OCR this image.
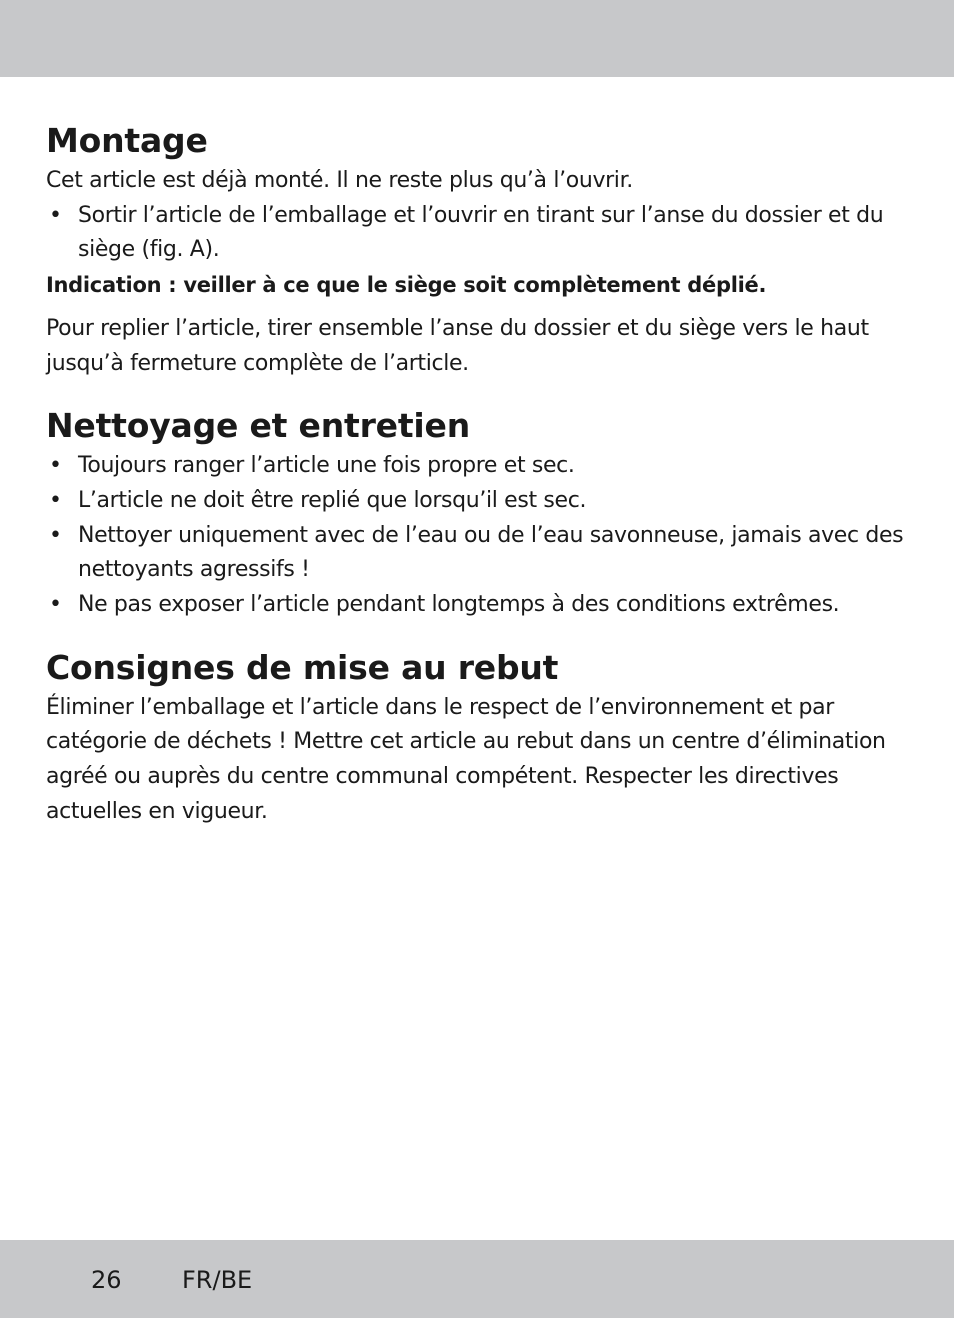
Montage

Cet article est déjà monté. Il ne reste plus qu’à l’ouvrir.

• Sortir l’article de l’emballage et l’ouvrir en tirant sur l’anse du dossier et du siège (fig. A).

Indication : veiller à ce que le siège soit complètement déplié.

Pour replier l’article, tirer ensemble l’anse du dossier et du siège vers le haut jusqu’à fermeture complète de l’article.

Nettoyage et entretien
• Toujours ranger l’article une fois propre et sec.
• L’article ne doit être replié que lorsqu’il est sec.
• Nettoyer uniquement avec de l’eau ou de l’eau savonneuse, jamais avec des nettoyants agressifs !
• Ne pas exposer l’article pendant longtemps à des conditions extrêmes.
Consignes de mise au rebut

Éliminer l’emballage et l’article dans le respect de l’environnement et par catégorie de déchets ! Mettre cet article au rebut dans un centre d’élimination agréé ou auprès du centre communal compétent. Respecter les directives actuelles en vigueur.

26	FR/BE
